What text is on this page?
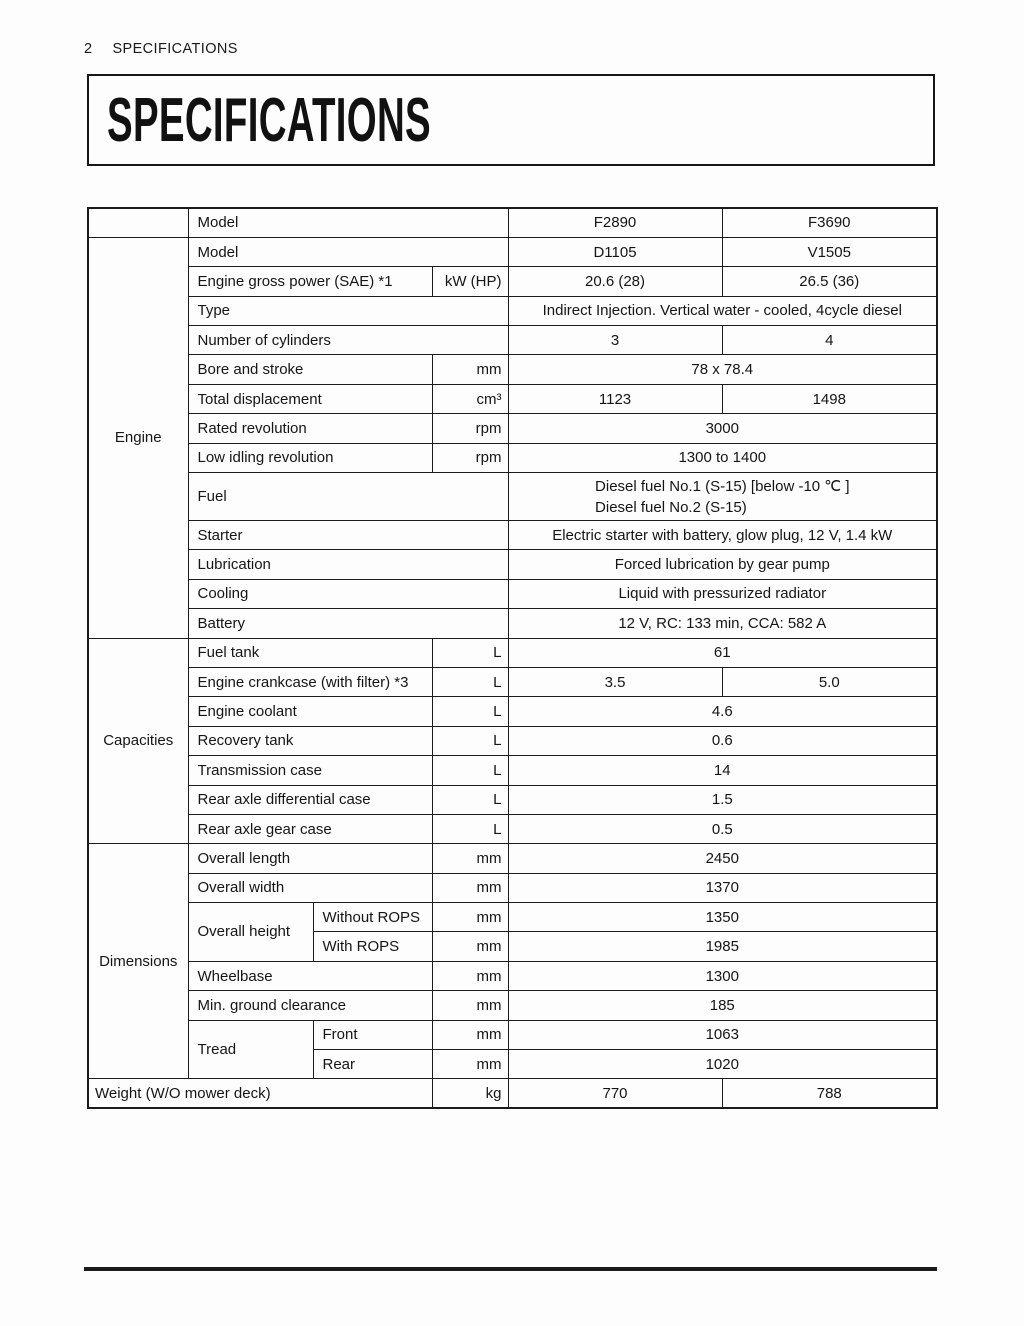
2 SPECIFICATIONS
SPECIFICATIONS
	Model			F2890	F3690
Engine	Model			D1105	V1505
	Engine gross power (SAE) *1		kW (HP)	20.6 (28)	26.5 (36)
	Type			Indirect Injection. Vertical water - cooled, 4cycle diesel	
	Number of cylinders			3	4
	Bore and stroke		mm	78 x 78.4	
	Total displacement		cm³	1123	1498
	Rated revolution		rpm	3000	
	Low idling revolution		rpm	1300 to 1400	
	Fuel			Diesel fuel No.1 (S-15) [below -10 ℃ ]
Diesel fuel No.2 (S-15)	

	Starter			Electric starter with battery, glow plug, 12 V, 1.4 kW	
	Lubrication			Forced lubrication by gear pump	
	Cooling			Liquid with pressurized radiator	
	Battery			12 V, RC: 133 min, CCA: 582 A	
Capacities	Fuel tank		L	61	
	Engine crankcase (with filter) *3		L	3.5	5.0
	Engine coolant		L	4.6	
	Recovery tank		L	0.6	
	Transmission case		L	14	
	Rear axle differential case		L	1.5	
	Rear axle gear case		L	0.5	
Dimensions	Overall length		mm	2450	
	Overall width		mm	1370	
	Overall height	Without ROPS	mm	1350	
		With ROPS	mm	1985	
	Wheelbase		mm	1300	
	Min. ground clearance		mm	185	
	Tread	Front	mm	1063	
		Rear	mm	1020	
Weight (W/O mower deck)			kg	770	788
